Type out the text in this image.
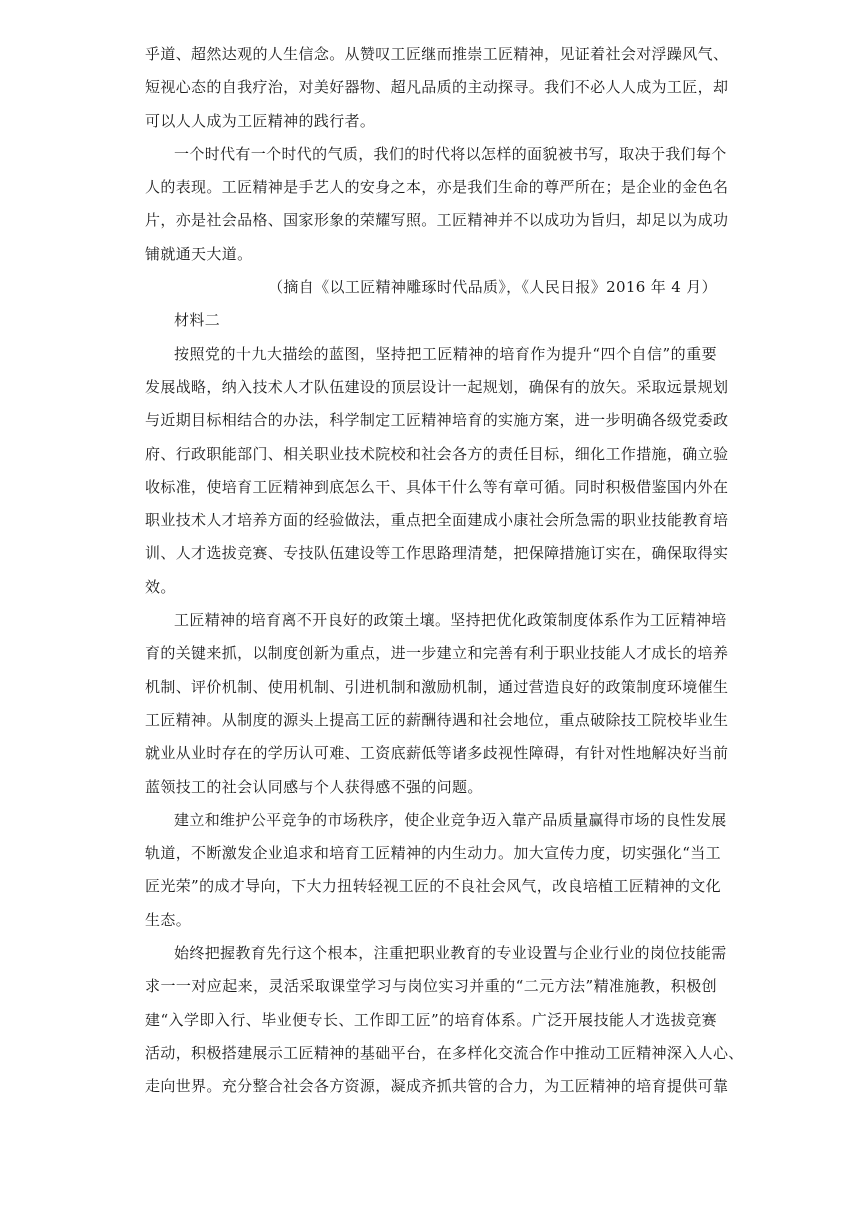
乎道、超然达观的人生信念。从赞叹工匠继而推崇工匠精神，见证着社会对浮躁风气、
短视心态的自我疗治，对美好器物、超凡品质的主动探寻。我们不必人人成为工匠，却
可以人人成为工匠精神的践行者。
一个时代有一个时代的气质，我们的时代将以怎样的面貌被书写，取决于我们每个
人的表现。工匠精神是手艺人的安身之本，亦是我们生命的尊严所在；是企业的金色名
片，亦是社会品格、国家形象的荣耀写照。工匠精神并不以成功为旨归，却足以为成功
铺就通天大道。
（摘自《以工匠精神雕琢时代品质》，《人民日报》2016 年 4 月）
材料二
按照党的十九大描绘的蓝图，坚持把工匠精神的培育作为提升“四个自信”的重要
发展战略，纳入技术人才队伍建设的顶层设计一起规划，确保有的放矢。采取远景规划
与近期目标相结合的办法，科学制定工匠精神培育的实施方案，进一步明确各级党委政
府、行政职能部门、相关职业技术院校和社会各方的责任目标，细化工作措施，确立验
收标准，使培育工匠精神到底怎么干、具体干什么等有章可循。同时积极借鉴国内外在
职业技术人才培养方面的经验做法，重点把全面建成小康社会所急需的职业技能教育培
训、人才选拔竞赛、专技队伍建设等工作思路理清楚，把保障措施订实在，确保取得实
效。
工匠精神的培育离不开良好的政策土壤。坚持把优化政策制度体系作为工匠精神培
育的关键来抓，以制度创新为重点，进一步建立和完善有利于职业技能人才成长的培养
机制、评价机制、使用机制、引进机制和激励机制，通过营造良好的政策制度环境催生
工匠精神。从制度的源头上提高工匠的薪酬待遇和社会地位，重点破除技工院校毕业生
就业从业时存在的学历认可难、工资底薪低等诸多歧视性障碍，有针对性地解决好当前
蓝领技工的社会认同感与个人获得感不强的问题。
建立和维护公平竞争的市场秩序，使企业竞争迈入靠产品质量赢得市场的良性发展
轨道，不断激发企业追求和培育工匠精神的内生动力。加大宣传力度，切实强化“当工
匠光荣”的成才导向，下大力扭转轻视工匠的不良社会风气，改良培植工匠精神的文化
生态。
始终把握教育先行这个根本，注重把职业教育的专业设置与企业行业的岗位技能需
求一一对应起来，灵活采取课堂学习与岗位实习并重的“二元方法”精准施教，积极创
建“入学即入行、毕业便专长、工作即工匠”的培育体系。广泛开展技能人才选拔竞赛
活动，积极搭建展示工匠精神的基础平台，在多样化交流合作中推动工匠精神深入人心、
走向世界。充分整合社会各方资源，凝成齐抓共管的合力，为工匠精神的培育提供可靠
